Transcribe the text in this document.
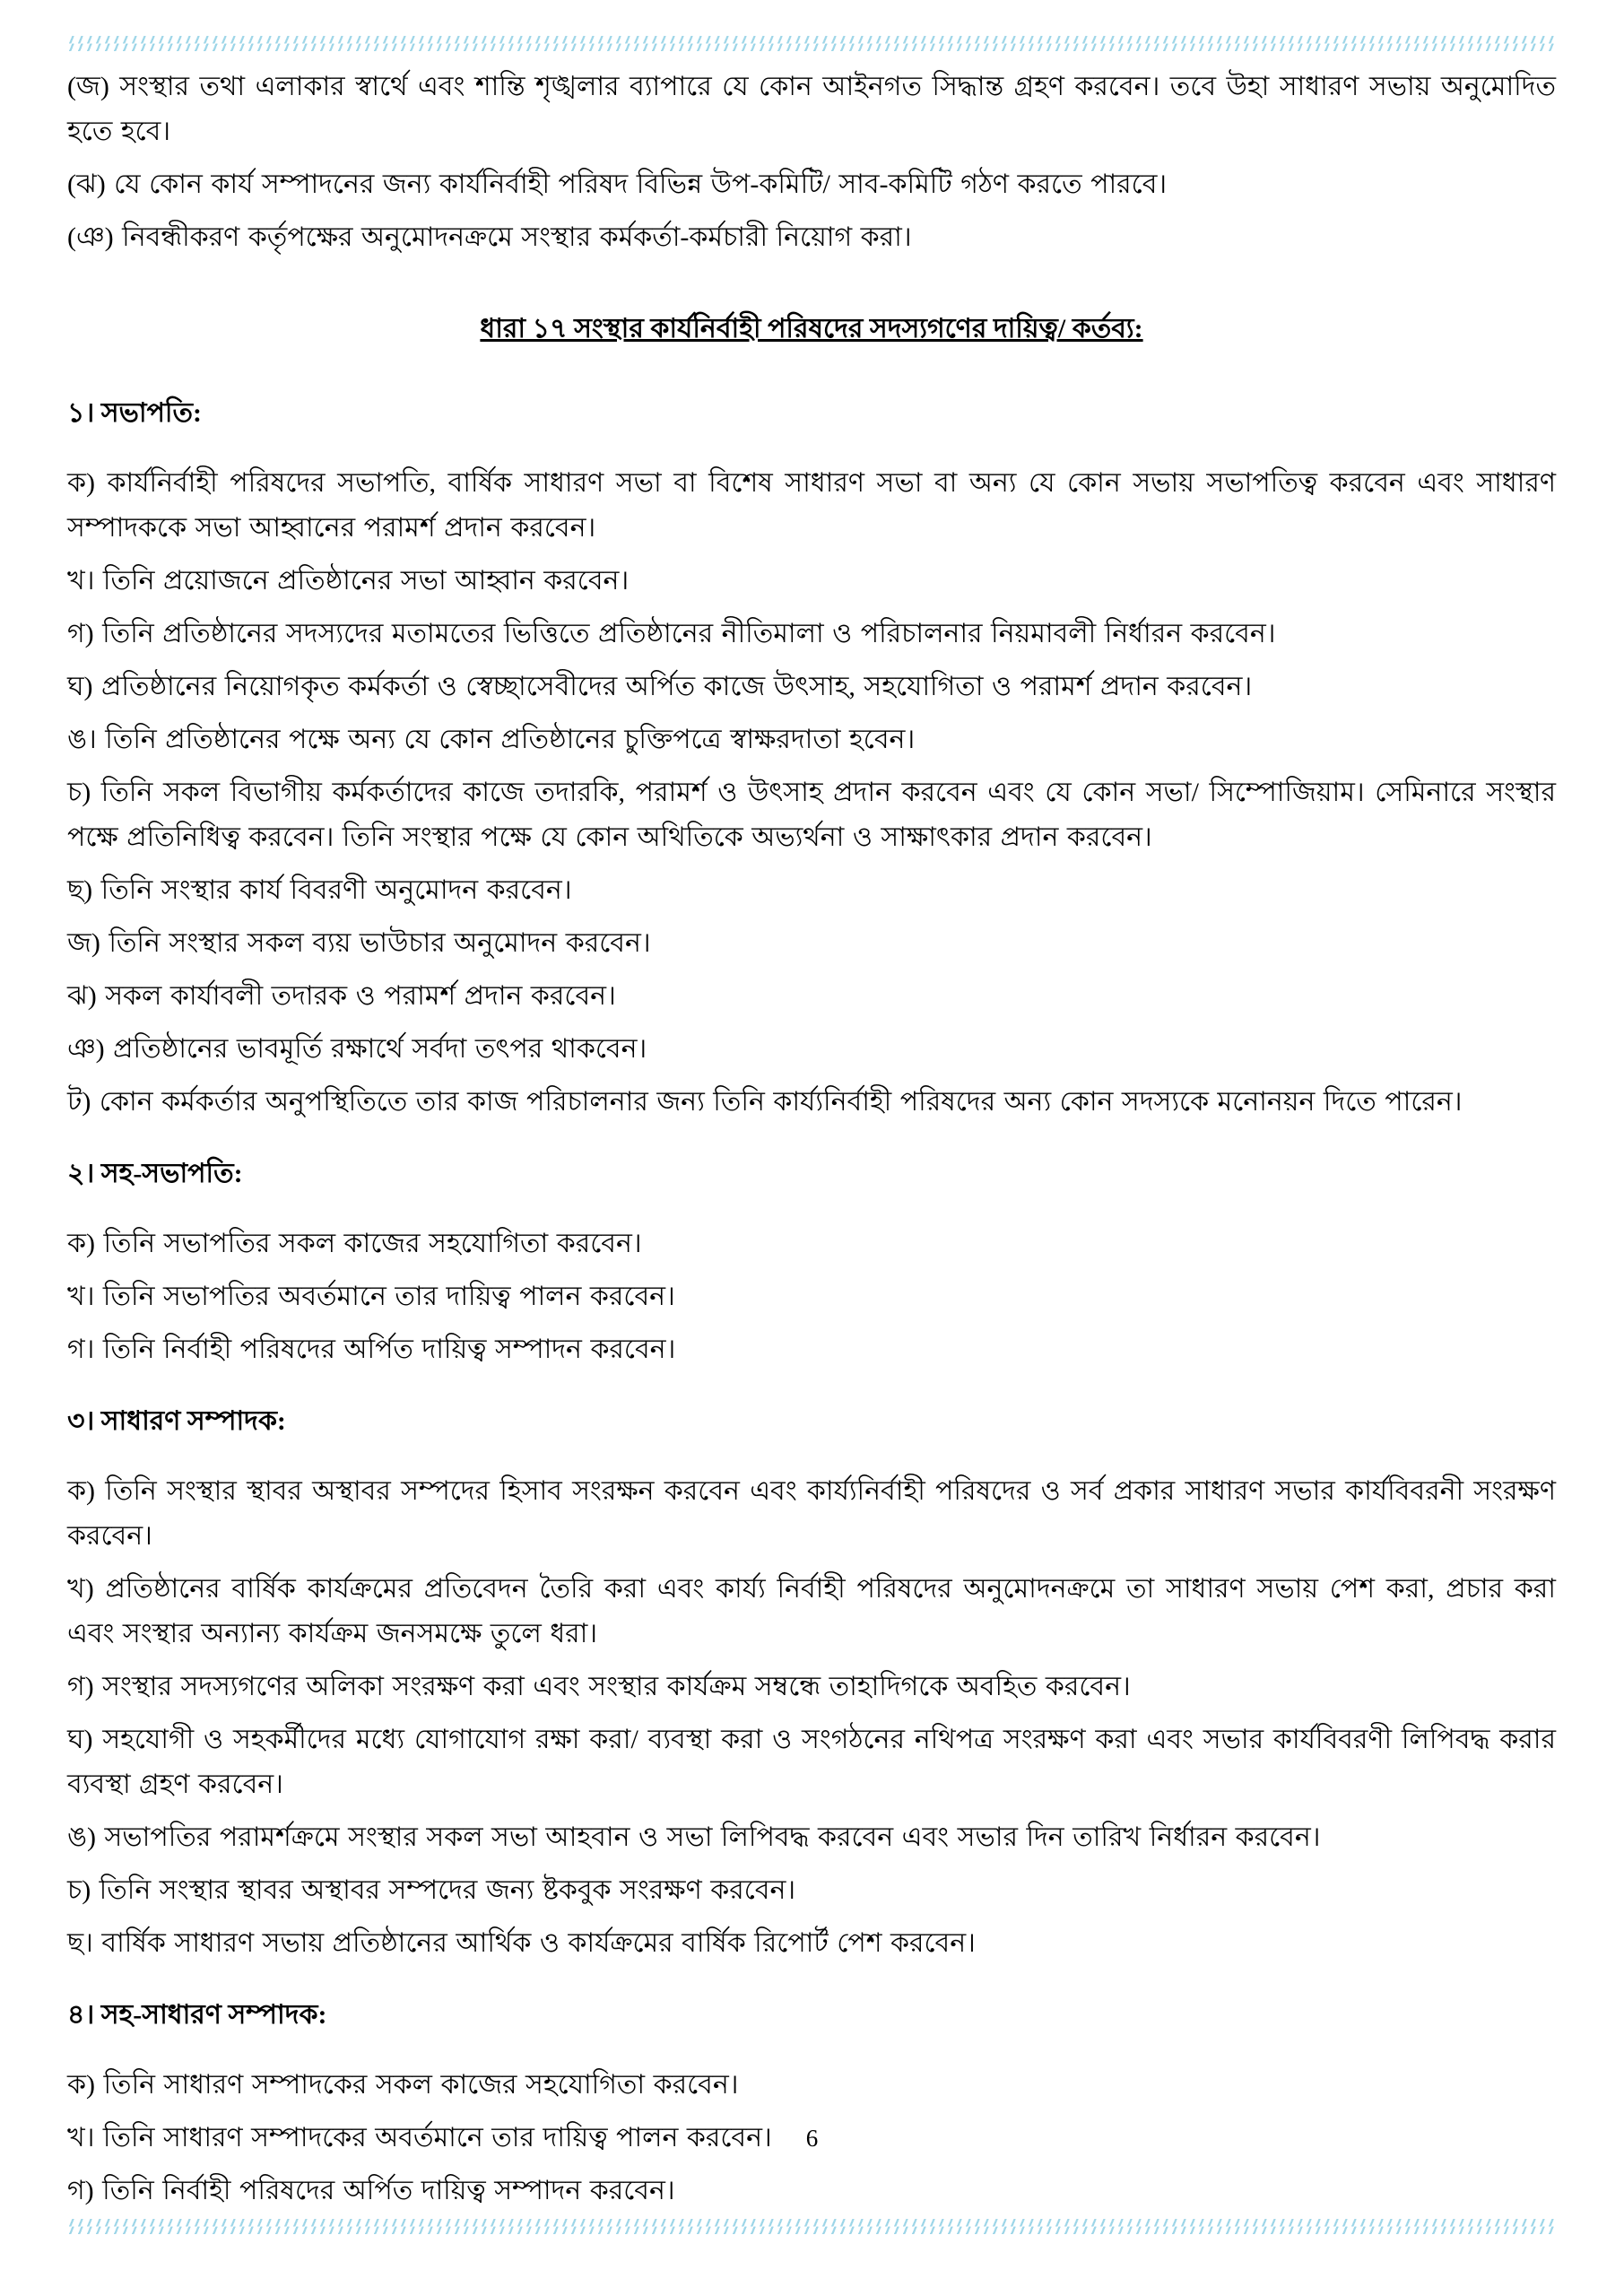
(জ) সংস্থার তথা এলাকার স্বার্থে এবং শান্তি শৃঙ্খলার ব্যাপারে যে কোন আইনগত সিদ্ধান্ত গ্রহণ করবেন। তবে উহা সাধারণ সভায় অনুমোদিত হতে হবে।

(ঝ) যে কোন কার্য সম্পাদনের জন্য কার্যনির্বাহী পরিষদ বিভিন্ন উপ-কমিটি/ সাব-কমিটি গঠণ করতে পারবে।

(ঞ) নিবন্ধীকরণ কর্তৃপক্ষের অনুমোদনক্রমে সংস্থার কর্মকর্তা-কর্মচারী নিয়োগ করা।

ধারা ১৭ সংস্থার কার্যনির্বাহী পরিষদের সদস্যগণের দায়িত্ব/ কর্তব্য:
১। সভাপতি:

ক) কার্যনির্বাহী পরিষদের সভাপতি, বার্ষিক সাধারণ সভা বা বিশেষ সাধারণ সভা বা অন্য যে কোন সভায় সভাপতিত্ব করবেন এবং সাধারণ সম্পাদককে সভা আহ্বানের পরামর্শ প্রদান করবেন।

খ। তিনি প্রয়োজনে প্রতিষ্ঠানের সভা আহ্বান করবেন।

গ) তিনি প্রতিষ্ঠানের সদস্যদের মতামতের ভিত্তিতে প্রতিষ্ঠানের নীতিমালা ও পরিচালনার নিয়মাবলী নির্ধারন করবেন।

ঘ) প্রতিষ্ঠানের নিয়োগকৃত কর্মকর্তা ও স্বেচ্ছাসেবীদের অর্পিত কাজে উৎসাহ, সহযোগিতা ও পরামর্শ প্রদান করবেন।

ঙ। তিনি প্রতিষ্ঠানের পক্ষে অন্য যে কোন প্রতিষ্ঠানের চুক্তিপত্রে স্বাক্ষরদাতা হবেন।

চ) তিনি সকল বিভাগীয় কর্মকর্তাদের কাজে তদারকি, পরামর্শ ও উৎসাহ প্রদান করবেন এবং যে কোন সভা/ সিম্পোজিয়াম। সেমিনারে সংস্থার পক্ষে প্রতিনিধিত্ব করবেন। তিনি সংস্থার পক্ষে যে কোন অথিতিকে অভ্যর্থনা ও সাক্ষাৎকার প্রদান করবেন।

ছ) তিনি সংস্থার কার্য বিবরণী অনুমোদন করবেন।

জ) তিনি সংস্থার সকল ব্যয় ভাউচার অনুমোদন করবেন।

ঝ) সকল কার্যাবলী তদারক ও পরামর্শ প্রদান করবেন।

ঞ) প্রতিষ্ঠানের ভাবমূর্তি রক্ষার্থে সর্বদা তৎপর থাকবেন।

ট) কোন কর্মকর্তার অনুপস্থিতিতে তার কাজ পরিচালনার জন্য তিনি কার্য্যনির্বাহী পরিষদের অন্য কোন সদস্যকে মনোনয়ন দিতে পারেন।

২। সহ-সভাপতি:

ক) তিনি সভাপতির সকল কাজের সহযোগিতা করবেন।

খ। তিনি সভাপতির অবর্তমানে তার দায়িত্ব পালন করবেন।

গ। তিনি নির্বাহী পরিষদের অর্পিত দায়িত্ব সম্পাদন করবেন।

৩। সাধারণ সম্পাদক:

ক) তিনি সংস্থার স্থাবর অস্থাবর সম্পদের হিসাব সংরক্ষন করবেন এবং কার্য্যনির্বাহী পরিষদের ও সর্ব প্রকার সাধারণ সভার কার্যবিবরনী সংরক্ষণ করবেন।

খ) প্রতিষ্ঠানের বার্ষিক কার্যক্রমের প্রতিবেদন তৈরি করা এবং কার্য্য নির্বাহী পরিষদের অনুমোদনক্রমে তা সাধারণ সভায় পেশ করা, প্রচার করা এবং সংস্থার অন্যান্য কার্যক্রম জনসমক্ষে তুলে ধরা।

গ) সংস্থার সদস্যগণের অলিকা সংরক্ষণ করা এবং সংস্থার কার্যক্রম সম্বন্ধে তাহাদিগকে অবহিত করবেন।

ঘ) সহযোগী ও সহকর্মীদের মধ্যে যোগাযোগ রক্ষা করা/ ব্যবস্থা করা ও সংগঠনের নথিপত্র সংরক্ষণ করা এবং সভার কার্যবিবরণী লিপিবদ্ধ করার ব্যবস্থা গ্রহণ করবেন।

ঙ) সভাপতির পরামর্শক্রমে সংস্থার সকল সভা আহবান ও সভা লিপিবদ্ধ করবেন এবং সভার দিন তারিখ নির্ধারন করবেন।

চ) তিনি সংস্থার স্থাবর অস্থাবর সম্পদের জন্য ষ্টকবুক সংরক্ষণ করবেন।

ছ। বার্ষিক সাধারণ সভায় প্রতিষ্ঠানের আর্থিক ও কার্যক্রমের বার্ষিক রিপোর্ট পেশ করবেন।

৪। সহ-সাধারণ সম্পাদক:

ক) তিনি সাধারণ সম্পাদকের সকল কাজের সহযোগিতা করবেন।

খ। তিনি সাধারণ সম্পাদকের অবর্তমানে তার দায়িত্ব পালন করবেন।

গ) তিনি নির্বাহী পরিষদের অর্পিত দায়িত্ব সম্পাদন করবেন।

6
